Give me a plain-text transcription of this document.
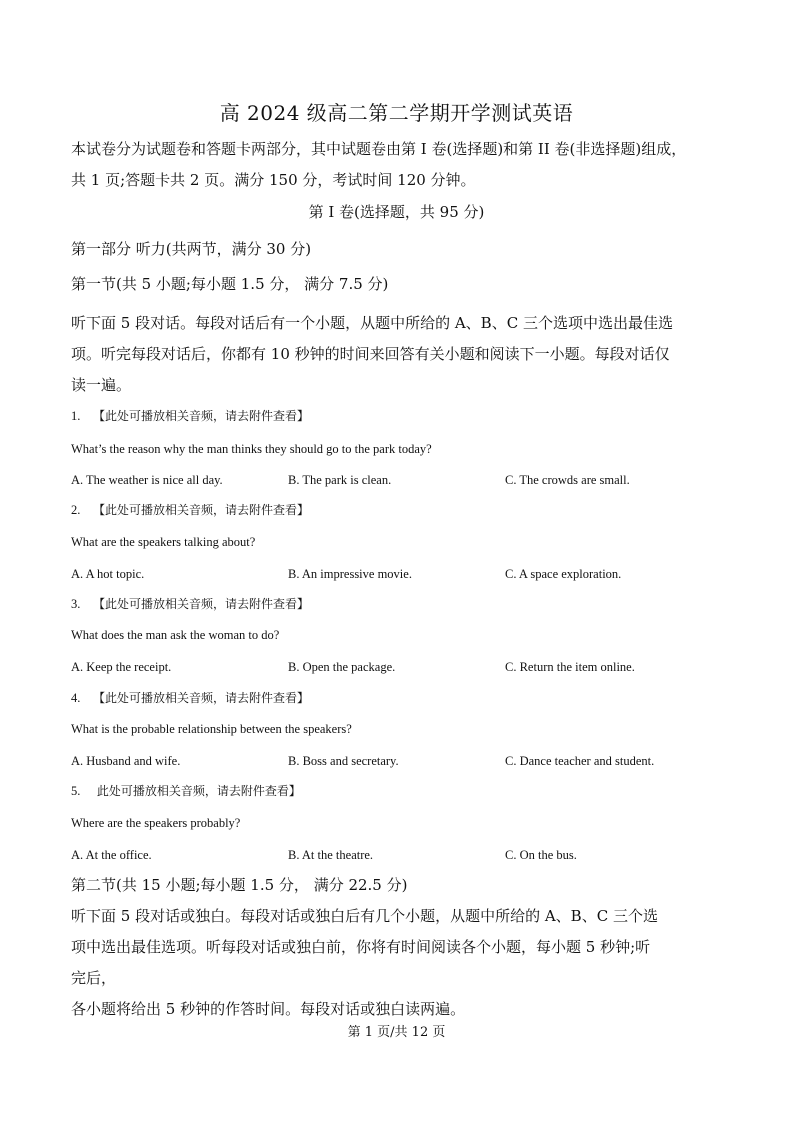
高 2024 级高二第二学期开学测试英语
本试卷分为试题卷和答题卡两部分，其中试题卷由第 I 卷(选择题)和第 II 卷(非选择题)组成，
共 1 页;答题卡共 2 页。满分 150 分，考试时间 120 分钟。
第 I 卷(选择题，共 95 分)
第一部分 听力(共两节，满分 30 分)
第一节(共 5 小题;每小题 1.5 分， 满分 7.5 分)
听下面 5 段对话。每段对话后有一个小题，从题中所给的 A、B、C 三个选项中选出最佳选
项。听完每段对话后，你都有 10 秒钟的时间来回答有关小题和阅读下一小题。每段对话仅
读一遍。
1. 【此处可播放相关音频，请去附件查看】
What’s the reason why the man thinks they should go to the park today?
A. The weather is nice all day.	B. The park is clean.	C. The crowds are small.
2. 【此处可播放相关音频，请去附件查看】
What are the speakers talking about?
A. A hot topic.	B. An impressive movie.	C. A space exploration.
3. 【此处可播放相关音频，请去附件查看】
What does the man ask the woman to do?
A. Keep the receipt.	B. Open the package.	C. Return the item online.
4. 【此处可播放相关音频，请去附件查看】
What is the probable relationship between the speakers?
A. Husband and wife.	B. Boss and secretary.	C. Dance teacher and student.
5. 此处可播放相关音频，请去附件查看】
Where are the speakers probably?
A. At the office.	B. At the theatre.	C. On the bus.
第二节(共 15 小题;每小题 1.5 分， 满分 22.5 分)
听下面 5 段对话或独白。每段对话或独白后有几个小题，从题中所给的 A、B、C 三个选
项中选出最佳选项。听每段对话或独白前，你将有时间阅读各个小题，每小题 5 秒钟;听
完后，
各小题将给出 5 秒钟的作答时间。每段对话或独白读两遍。
第 1 页/共 12 页
